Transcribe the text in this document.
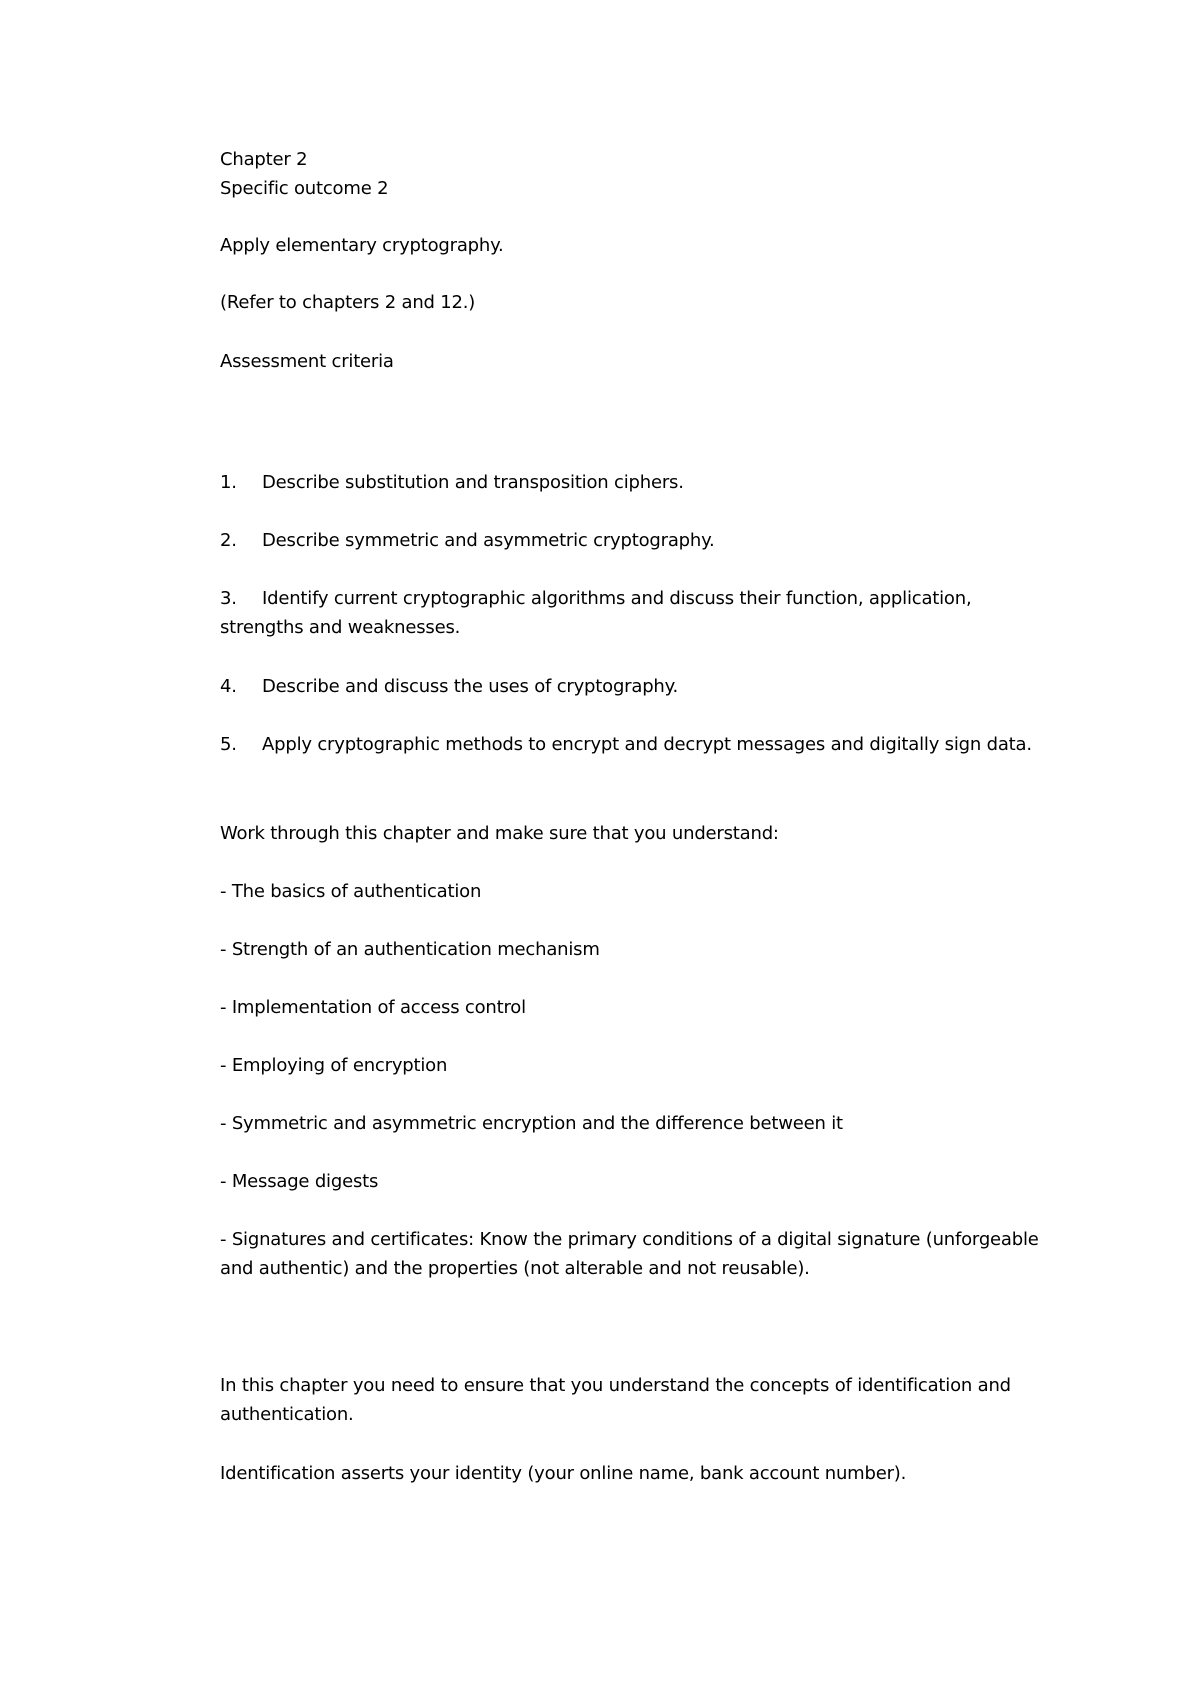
Chapter 2
Specific outcome 2
Apply elementary cryptography.
(Refer to chapters 2 and 12.)
Assessment criteria
1. Describe substitution and transposition ciphers.
2. Describe symmetric and asymmetric cryptography.
3. Identify current cryptographic algorithms and discuss their function, application,
strengths and weaknesses.
4. Describe and discuss the uses of cryptography.
5. Apply cryptographic methods to encrypt and decrypt messages and digitally sign data.
Work through this chapter and make sure that you understand:
- The basics of authentication
- Strength of an authentication mechanism
- Implementation of access control
- Employing of encryption
- Symmetric and asymmetric encryption and the difference between it
- Message digests
- Signatures and certificates: Know the primary conditions of a digital signature (unforgeable
and authentic) and the properties (not alterable and not reusable).
In this chapter you need to ensure that you understand the concepts of identification and
authentication.
Identification asserts your identity (your online name, bank account number).
